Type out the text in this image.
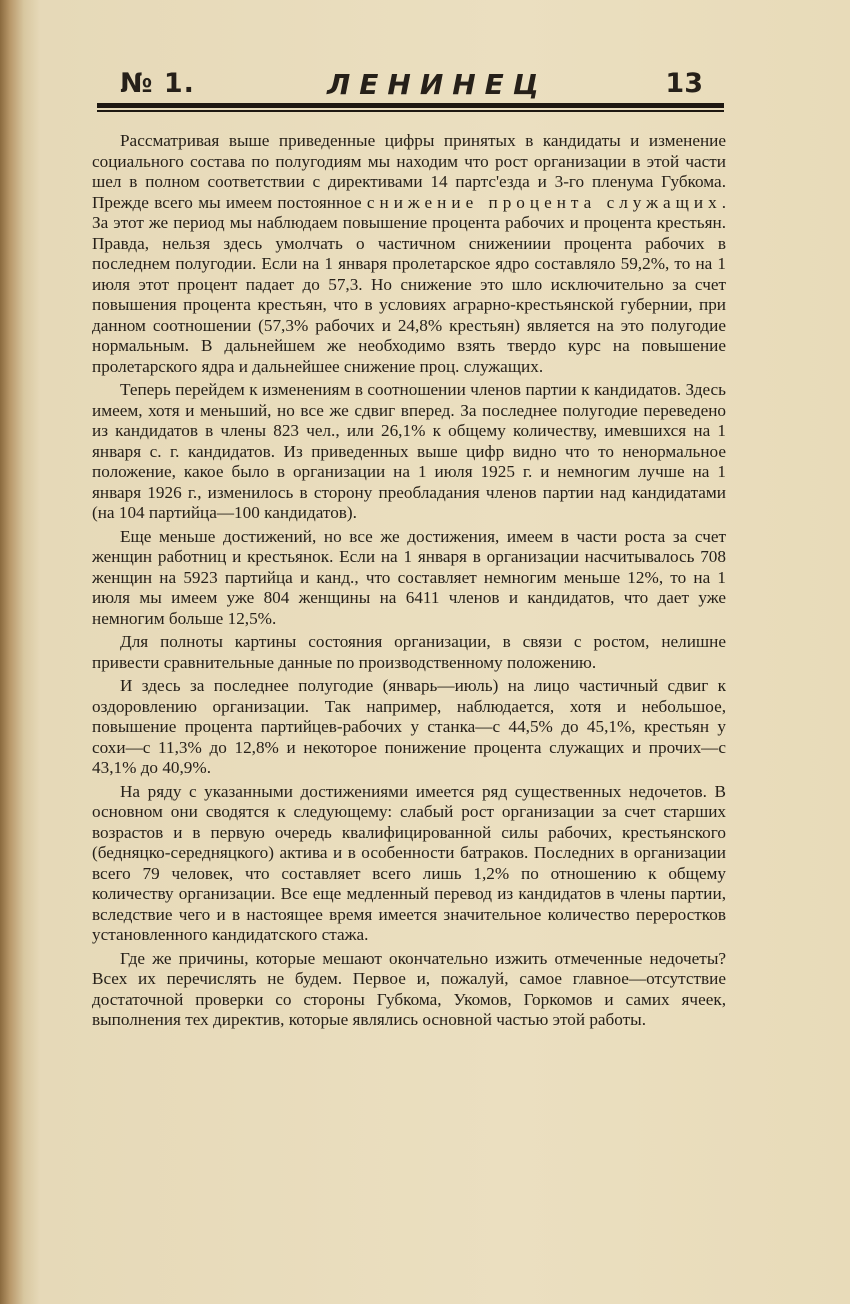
№ 1.	ЛЕНИНЕЦ	13

Рассматривая выше приведенные цифры принятых в кандидаты и изменение социального состава по полугодиям мы находим что рост организации в этой части шел в полном соответствии с директивами 14 партс'езда и 3-го пленума Губкома. Прежде всего мы имеем постоянное снижение процента служащих. За этот же период мы наблюдаем повышение процента рабочих и процента крестьян. Правда, нельзя здесь умолчать о частичном снижениии процента рабочих в последнем полугодии. Если на 1 января пролетарское ядро составляло 59,2%, то на 1 июля этот процент падает до 57,3. Но снижение это шло исключительно за счет повышения процента крестьян, что в условиях аграрно-крестьянской губернии, при данном соотношении (57,3% рабочих и 24,8% крестьян) является на это полугодие нормальным. В дальнейшем же необходимо взять твердо курс на повышение пролетарского ядра и дальнейшее снижение проц. служащих.

Теперь перейдем к изменениям в соотношении членов партии к кандидатов. Здесь имеем, хотя и меньший, но все же сдвиг вперед. За последнее полугодие переведено из кандидатов в члены 823 чел., или 26,1% к общему количеству, имевшихся на 1 января с. г. кандидатов. Из приведенных выше цифр видно что то ненормальное положение, какое было в организации на 1 июля 1925 г. и немногим лучше на 1 января 1926 г., изменилось в сторону преобладания членов партии над кандидатами (на 104 партийца—100 кандидатов).

Еще меньше достижений, но все же достижения, имеем в части роста за счет женщин работниц и крестьянок. Если на 1 января в организации насчитывалось 708 женщин на 5923 партийца и канд., что составляет немногим меньше 12%, то на 1 июля мы имеем уже 804 женщины на 6411 членов и кандидатов, что дает уже немногим больше 12,5%.

Для полноты картины состояния организации, в связи с ростом, нелишне привести сравнительные данные по производственному положению.

И здесь за последнее полугодие (январь—июль) на лицо частичный сдвиг к оздоровлению организации. Так например, наблюдается, хотя и небольшое, повышение процента партийцев-рабочих у станка—с 44,5% до 45,1%, крестьян у сохи—с 11,3% до 12,8% и некоторое понижение процента служащих и прочих—с 43,1% до 40,9%.

На ряду с указанными достижениями имеется ряд существенных недочетов. В основном они сводятся к следующему: слабый рост организации за счет старших возрастов и в первую очередь квалифицированной силы рабочих, крестьянского (бедняцко-середняцкого) актива и в особенности батраков. Последних в организации всего 79 человек, что составляет всего лишь 1,2% по отношению к общему количеству организации. Все еще медленный перевод из кандидатов в члены партии, вследствие чего и в настоящее время имеется значительное количество переростков установленного кандидатского стажа.

Где же причины, которые мешают окончательно изжить отмеченные недочеты? Всех их перечислять не будем. Первое и, пожалуй, самое главное—отсутствие достаточной проверки со стороны Губкома, Укомов, Горкомов и самих ячеек, выполнения тех директив, которые являлись основной частью этой работы.
